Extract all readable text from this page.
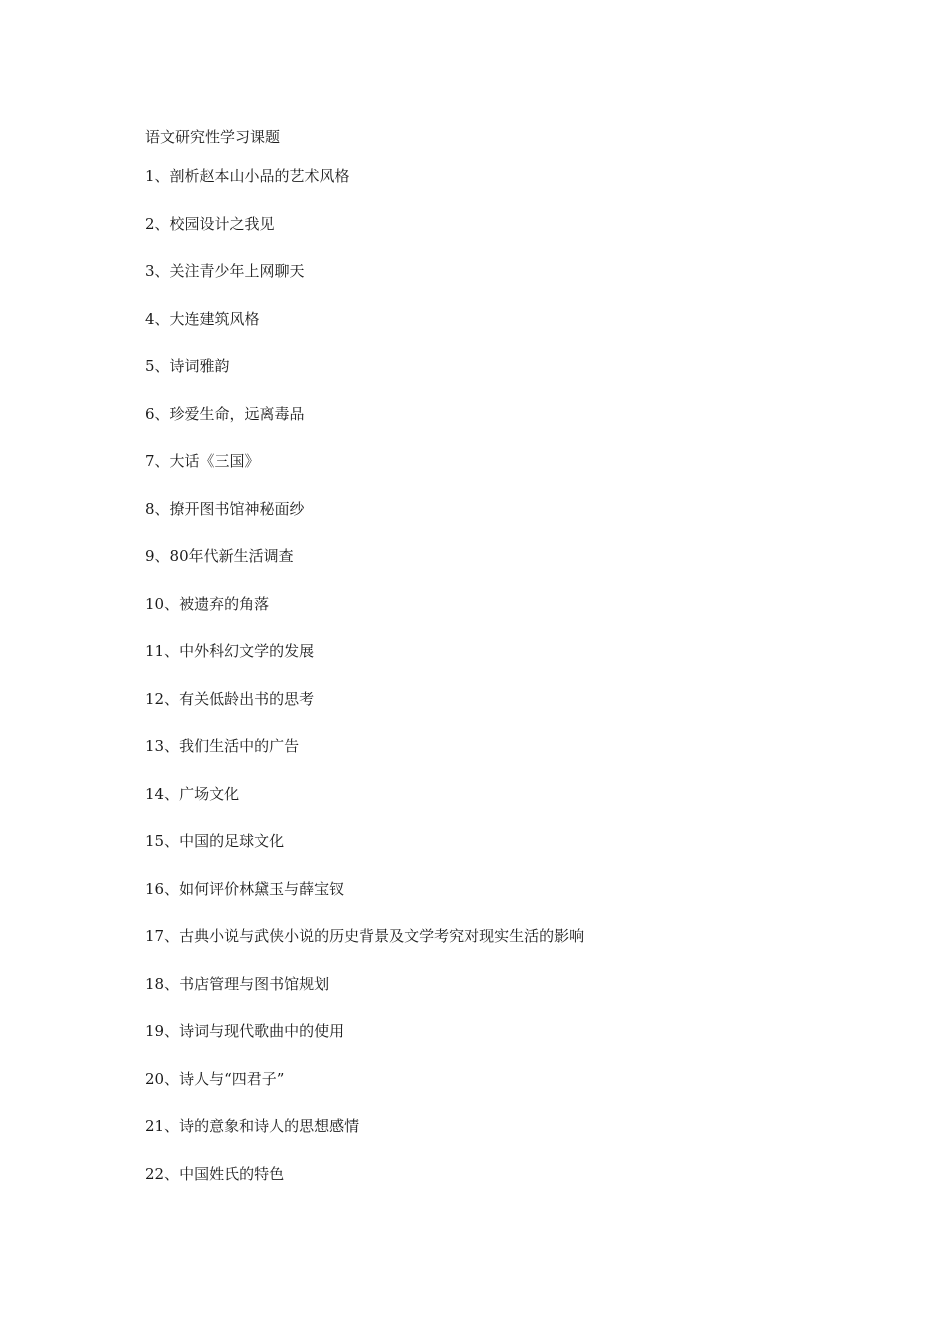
语文研究性学习课题
1、剖析赵本山小品的艺术风格
2、校园设计之我见
3、关注青少年上网聊天
4、大连建筑风格
5、诗词雅韵
6、珍爱生命，远离毒品
7、大话《三国》
8、撩开图书馆神秘面纱
9、80年代新生活调查
10、被遗弃的角落
11、中外科幻文学的发展
12、有关低龄出书的思考
13、我们生活中的广告
14、广场文化
15、中国的足球文化
16、如何评价林黛玉与薛宝钗
17、古典小说与武侠小说的历史背景及文学考究对现实生活的影响
18、书店管理与图书馆规划
19、诗词与现代歌曲中的使用
20、诗人与“四君子”
21、诗的意象和诗人的思想感情
22、中国姓氏的特色
